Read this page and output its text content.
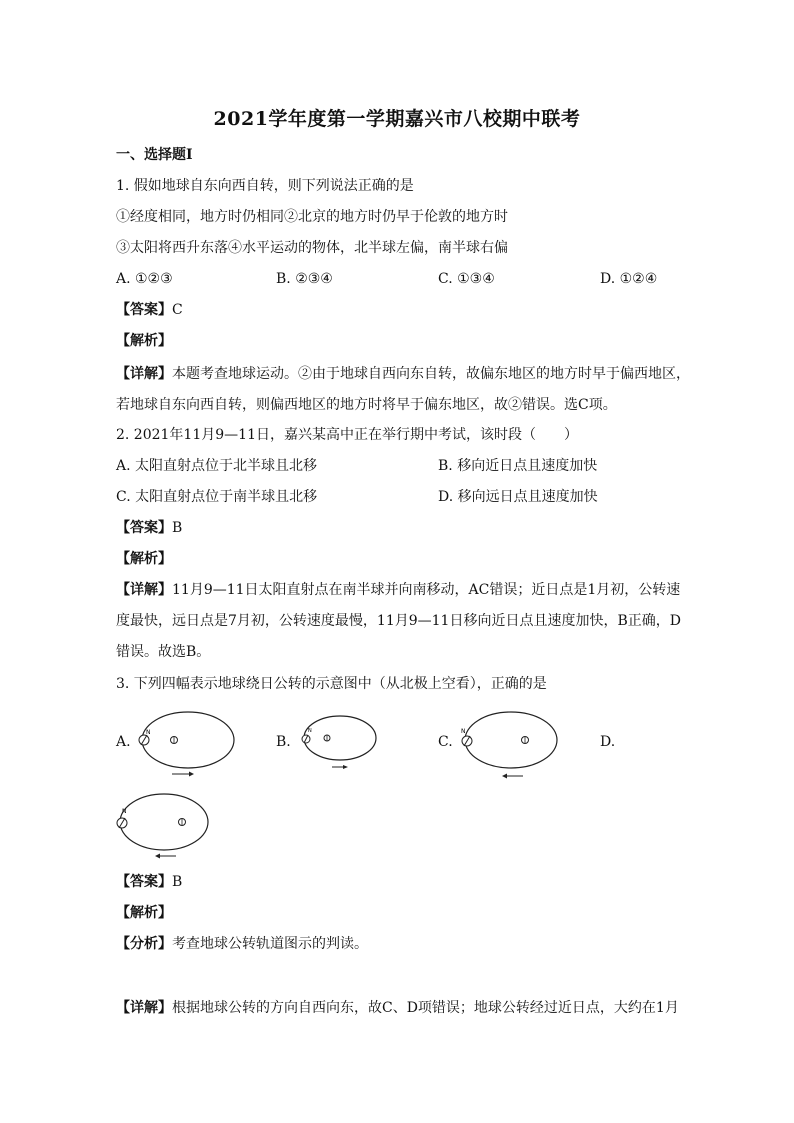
2021学年度第一学期嘉兴市八校期中联考
一、选择题Ⅰ
1. 假如地球自东向西自转，则下列说法正确的是
①经度相同，地方时仍相同②北京的地方时仍早于伦敦的地方时
③太阳将西升东落④水平运动的物体，北半球左偏，南半球右偏
A. ①②③	B. ②③④	C. ①③④	D. ①②④
【答案】C
【解析】
【详解】本题考查地球运动。②由于地球自西向东自转，故偏东地区的地方时早于偏西地区，
若地球自东向西自转，则偏西地区的地方时将早于偏东地区，故②错误。选C项。
2. 2021年11月9—11日，嘉兴某高中正在举行期中考试，该时段（　　）
A. 太阳直射点位于北半球且北移	B. 移向近日点且速度加快
C. 太阳直射点位于南半球且北移	D. 移向远日点且速度加快
【答案】B
【解析】
【详解】11月9—11日太阳直射点在南半球并向南移动，AC错误；近日点是1月初，公转速
度最快，远日点是7月初，公转速度最慢，11月9—11日移向近日点且速度加快，B正确，D
错误。故选B。
3. 下列四幅表示地球绕日公转的示意图中（从北极上空看），正确的是
A.	B.	C.	D.
N	N	N
N
【答案】B
【解析】
【分析】考查地球公转轨道图示的判读。
【详解】根据地球公转的方向自西向东，故C、D项错误；地球公转经过近日点，大约在1月
